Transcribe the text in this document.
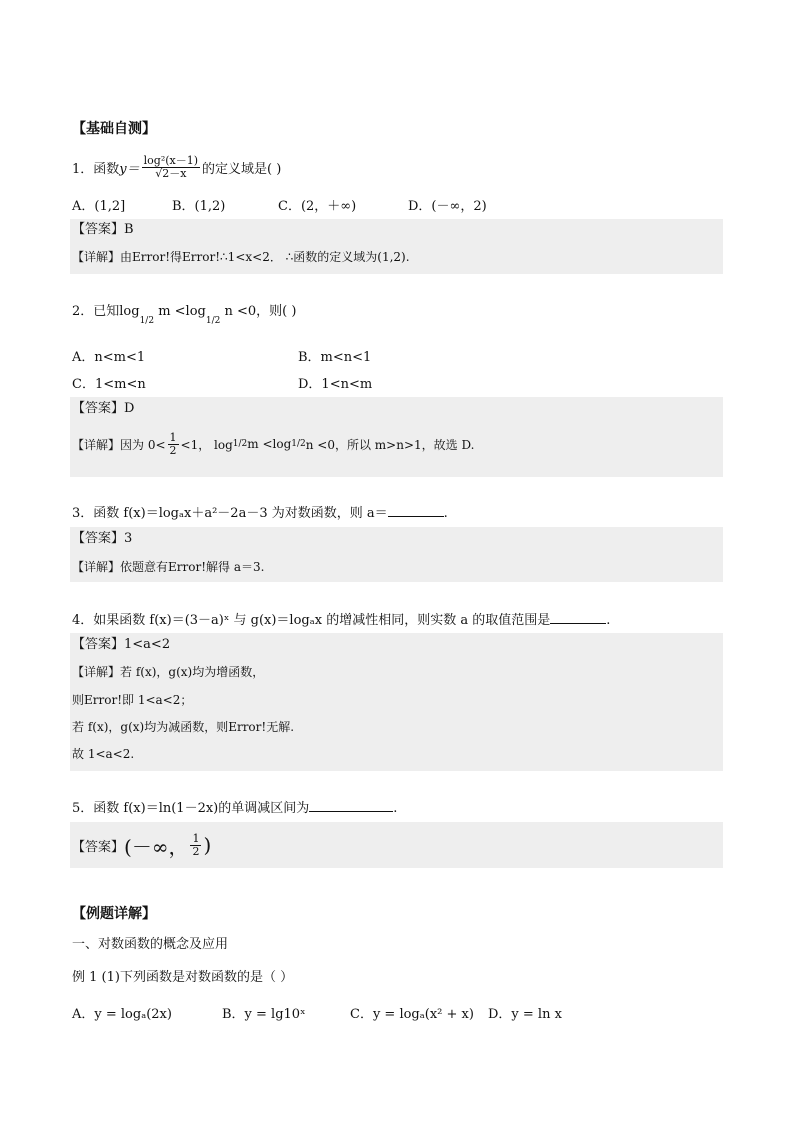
【基础自测】
1．函数 $y= \frac{\text{log²(x－1)}}{√2-x}$ 的定义域是( )
A．(1,2]	B．(1,2)	C．(2，＋∞)	D．(－∞，2)
【答案】B
【详解】由Error!得Error!∴1<x<2． ∴函数的定义域为(1,2).
2．已知$\log_{1/2} m <\log_{1/2}$ n <0，则( )
A．n<m<1	B．m<n<1
C．1<m<n	D．1<n<m
【答案】D
【详解】 因为 $0< \frac{1}{2} <1$， log 1/2 m <log 1/2 n <0，所以 m>n>1，故选 D.
3．函数 f(x)＝logₐx＋a²－2a－3 为对数函数，则 a＝	.
【答案】3
【详解】依题意有Error!解得 a＝3.
4．如果函数 f(x)＝(3－a)ˣ 与 g(x)＝logₐx 的增减性相同，则实数 a 的取值范围是	.
【答案】1<a<2
【详解】若 f(x)，g(x)均为增函数，
则Error!即 1<a<2；
若 f(x)，g(x)均为减函数，则Error!无解.
故 1<a<2.
5．函数 f(x)＝ln(1－2x)的单调减区间为	.
【答案】 (－∞， $\frac{1}{2}$ )
【例题详解】
一、对数函数的概念及应用
例 1 (1)下列函数是对数函数的是（ ）
A．y = logₐ(2x)	B．y = lg10ˣ	C．y = logₐ(x² + x) D．y = ln x
